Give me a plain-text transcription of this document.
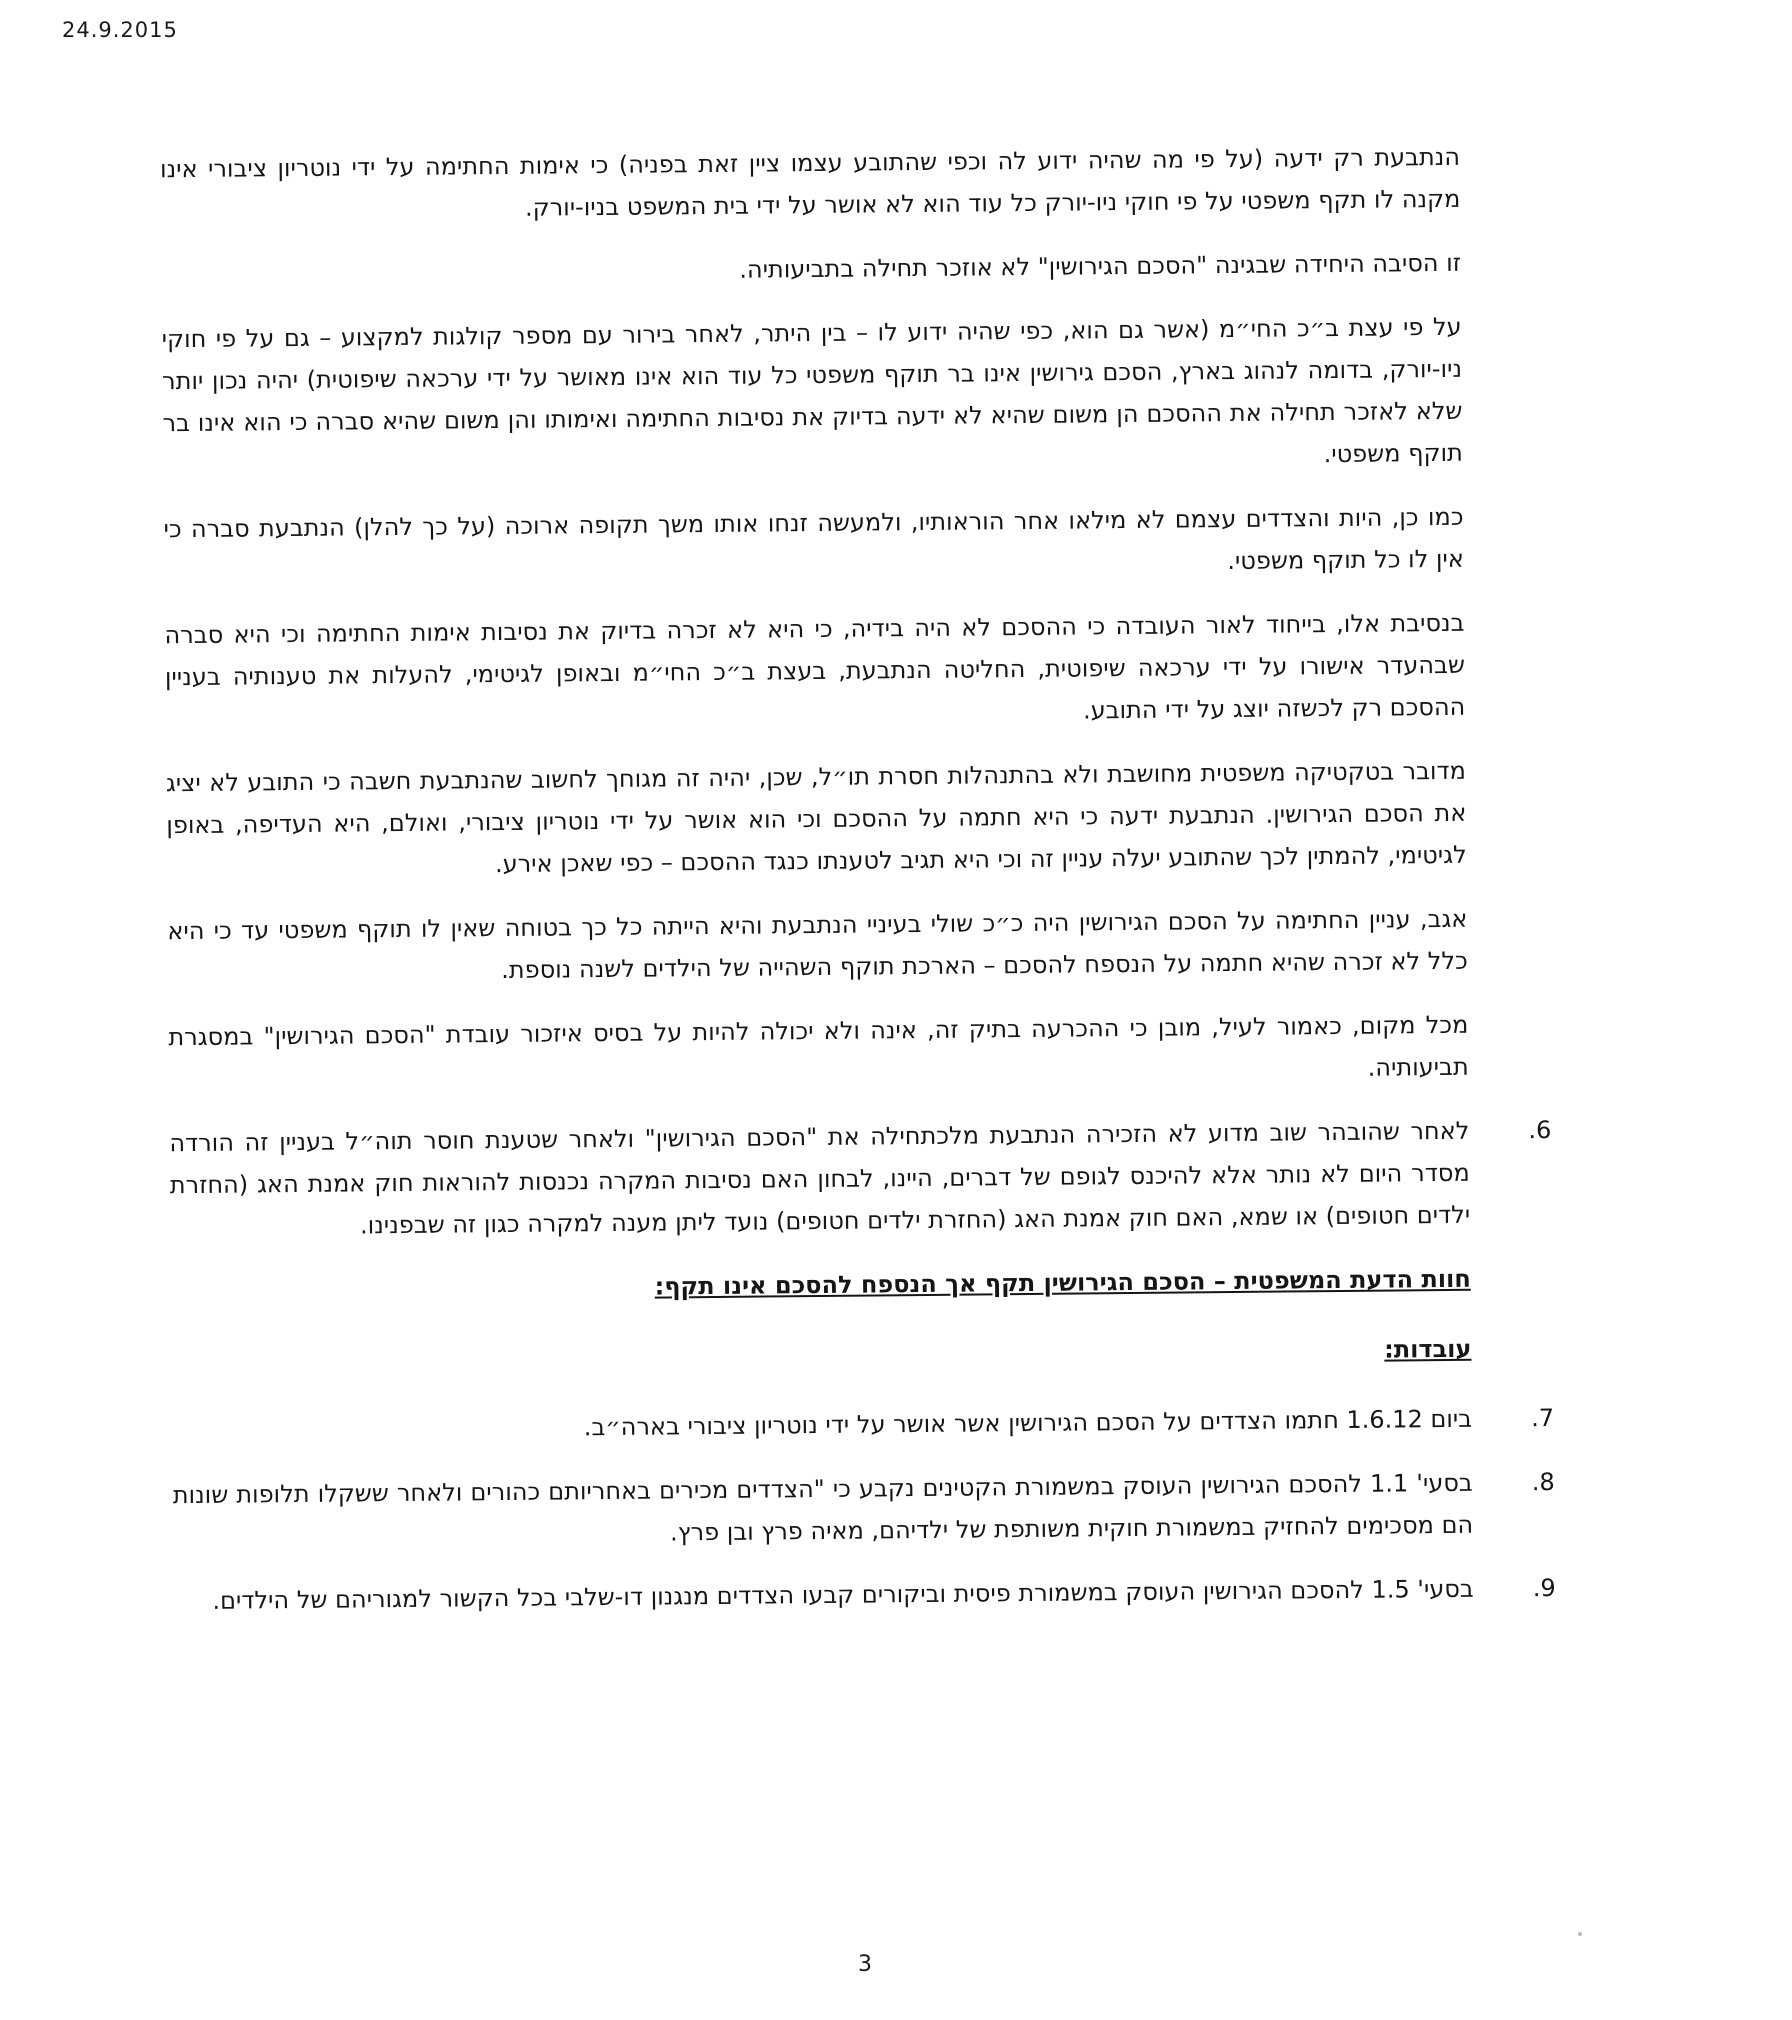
24.9.2015

הנתבעת רק ידעה (על פי מה שהיה ידוע לה וכפי שהתובע עצמו ציין זאת בפניה) כי אימות החתימה על ידי נוטריון ציבורי אינו מקנה לו תקף משפטי על פי חוקי ניו-יורק כל עוד הוא לא אושר על ידי בית המשפט בניו-יורק.

זו הסיבה היחידה שבגינה "הסכם הגירושין" לא אוזכר תחילה בתביעותיה.

על פי עצת ב״כ החי״מ (אשר גם הוא, כפי שהיה ידוע לו – בין היתר, לאחר בירור עם מספר קולגות למקצוע – גם על פי חוקי ניו-יורק, בדומה לנהוג בארץ, הסכם גירושין אינו בר תוקף משפטי כל עוד הוא אינו מאושר על ידי ערכאה שיפוטית) יהיה נכון יותר שלא לאזכר תחילה את ההסכם הן משום שהיא לא ידעה בדיוק את נסיבות החתימה ואימותו והן משום שהיא סברה כי הוא אינו בר תוקף משפטי.

כמו כן, היות והצדדים עצמם לא מילאו אחר הוראותיו, ולמעשה זנחו אותו משך תקופה ארוכה (על כך להלן) הנתבעת סברה כי אין לו כל תוקף משפטי.

בנסיבת אלו, בייחוד לאור העובדה כי ההסכם לא היה בידיה, כי היא לא זכרה בדיוק את נסיבות אימות החתימה וכי היא סברה שבהעדר אישורו על ידי ערכאה שיפוטית, החליטה הנתבעת, בעצת ב״כ החי״מ ובאופן לגיטימי, להעלות את טענותיה בעניין ההסכם רק לכשזה יוצג על ידי התובע.

מדובר בטקטיקה משפטית מחושבת ולא בהתנהלות חסרת תו״ל, שכן, יהיה זה מגוחך לחשוב שהנתבעת חשבה כי התובע לא יציג את הסכם הגירושין. הנתבעת ידעה כי היא חתמה על ההסכם וכי הוא אושר על ידי נוטריון ציבורי, ואולם, היא העדיפה, באופן לגיטימי, להמתין לכך שהתובע יעלה עניין זה וכי היא תגיב לטענתו כנגד ההסכם – כפי שאכן אירע.

אגב, עניין החתימה על הסכם הגירושין היה כ״כ שולי בעיניי הנתבעת והיא הייתה כל כך בטוחה שאין לו תוקף משפטי עד כי היא כלל לא זכרה שהיא חתמה על הנספח להסכם – הארכת תוקף השהייה של הילדים לשנה נוספת.

מכל מקום, כאמור לעיל, מובן כי ההכרעה בתיק זה, אינה ולא יכולה להיות על בסיס איזכור עובדת "הסכם הגירושין" במסגרת תביעותיה.

6.

לאחר שהובהר שוב מדוע לא הזכירה הנתבעת מלכתחילה את "הסכם הגירושין" ולאחר שטענת חוסר תוה״ל בעניין זה הורדה מסדר היום לא נותר אלא להיכנס לגופם של דברים, היינו, לבחון האם נסיבות המקרה נכנסות להוראות חוק אמנת האג (החזרת ילדים חטופים) או שמא, האם חוק אמנת האג (החזרת ילדים חטופים) נועד ליתן מענה למקרה כגון זה שבפנינו.

חוות הדעת המשפטית – הסכם הגירושין תקף אך הנספח להסכם אינו תקף:
עובדות:
7.

ביום 1.6.12 חתמו הצדדים על הסכם הגירושין אשר אושר על ידי נוטריון ציבורי בארה״ב.

8.

בסעי' 1.1 להסכם הגירושין העוסק במשמורת הקטינים נקבע כי "הצדדים מכירים באחריותם כהורים ולאחר ששקלו תלופות שונות הם מסכימים להחזיק במשמורת חוקית משותפת של ילדיהם, מאיה פרץ ובן פרץ.

9.

בסעי' 1.5 להסכם הגירושין העוסק במשמורת פיסית וביקורים קבעו הצדדים מנגנון דו-שלבי בכל הקשור למגוריהם של הילדים.

3
